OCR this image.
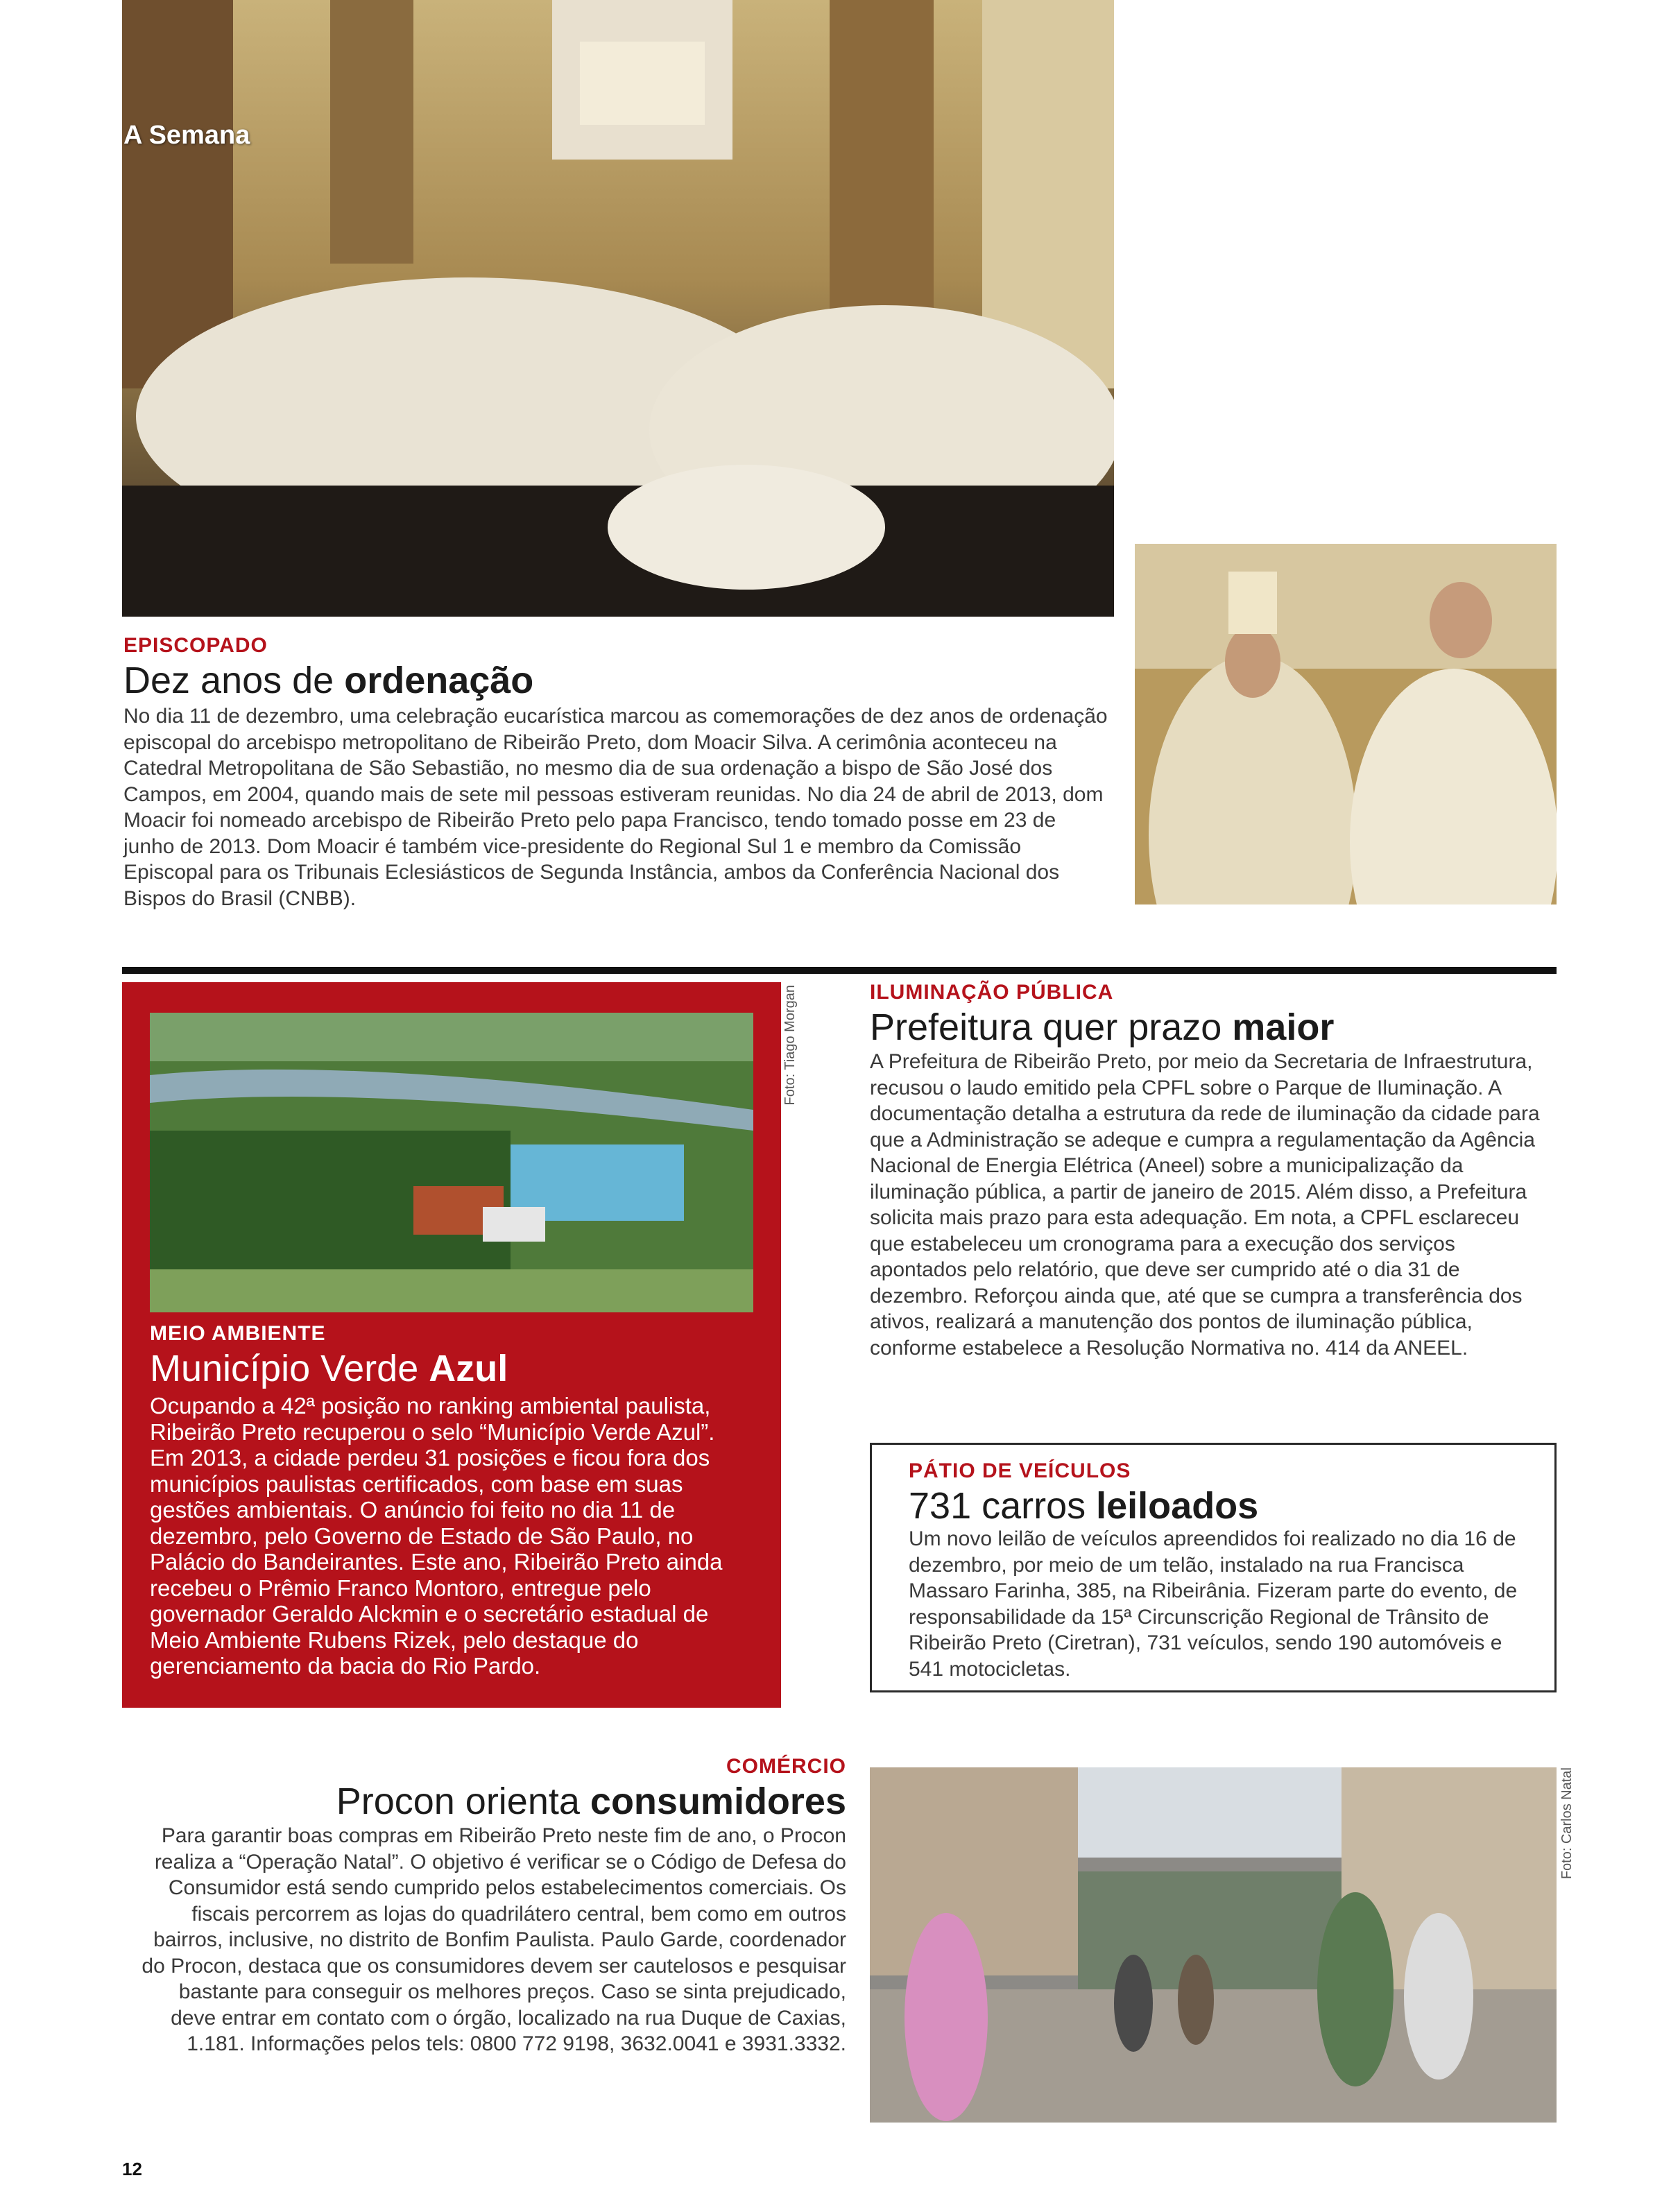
A Semana
EPISCOPADO
Dez anos de ordenação
No dia 11 de dezembro, uma celebração eucarística marcou as comemorações de dez anos de ordenação episcopal do arcebispo metropolitano de Ribeirão Preto, dom Moacir Silva. A cerimônia aconteceu na Catedral Metropolitana de São Sebastião, no mesmo dia de sua ordenação a bispo de São José dos Campos, em 2004, quando mais de sete mil pessoas estiveram reunidas. No dia 24 de abril de 2013, dom Moacir foi nomeado arcebispo de Ribeirão Preto pelo papa Francisco, tendo tomado posse em 23 de junho de 2013. Dom Moacir é também vice-presidente do Regional Sul 1 e membro da Comissão Episcopal para os Tribunais Eclesiásticos de Segunda Instância, ambos da Conferência Nacional dos Bispos do Brasil (CNBB).
Foto: Tiago Morgan
MEIO AMBIENTE
Município Verde Azul
Ocupando a 42ª posição no ranking ambiental paulista, Ribeirão Preto recuperou o selo “Município Verde Azul”. Em 2013, a cidade perdeu 31 posições e ficou fora dos municípios paulistas certificados, com base em suas gestões ambientais. O anúncio foi feito no dia 11 de dezembro, pelo Governo de Estado de São Paulo, no Palácio do Bandeirantes. Este ano, Ribeirão Preto ainda recebeu o Prêmio Franco Montoro, entregue pelo governador Geraldo Alckmin e o secretário estadual de Meio Ambiente Rubens Rizek, pelo destaque do gerenciamento da bacia do Rio Pardo.
ILUMINAÇÃO PÚBLICA
Prefeitura quer prazo maior
A Prefeitura de Ribeirão Preto, por meio da Secretaria de Infraestrutura, recusou o laudo emitido pela CPFL sobre o Parque de Iluminação. A documentação detalha a estrutura da rede de iluminação da cidade para que a Administração se adeque e cumpra a regulamentação da Agência Nacional de Energia Elétrica (Aneel) sobre a municipalização da iluminação pública, a partir de janeiro de 2015. Além disso, a Prefeitura solicita mais prazo para esta adequação. Em nota, a CPFL esclareceu que estabeleceu um cronograma para a execução dos serviços apontados pelo relatório, que deve ser cumprido até o dia 31 de dezembro. Reforçou ainda que, até que se cumpra a transferência dos ativos, realizará a manutenção dos pontos de iluminação pública, conforme estabelece a Resolução Normativa no. 414 da ANEEL.
PÁTIO DE VEÍCULOS
731 carros leiloados
Um novo leilão de veículos apreendidos foi realizado no dia 16 de dezembro, por meio de um telão, instalado na rua Francisca Massaro Farinha, 385, na Ribeirânia. Fizeram parte do evento, de responsabilidade da 15ª Circunscrição Regional de Trânsito de Ribeirão Preto (Ciretran), 731 veículos, sendo 190 automóveis e 541 motocicletas.
COMÉRCIO
Procon orienta consumidores
Para garantir boas compras em Ribeirão Preto neste fim de ano, o Procon realiza a “Operação Natal”. O objetivo é verificar se o Código de Defesa do Consumidor está sendo cumprido pelos estabelecimentos comerciais. Os fiscais percorrem as lojas do quadrilátero central, bem como em outros bairros, inclusive, no distrito de Bonfim Paulista. Paulo Garde, coordenador do Procon, destaca que os consumidores devem ser cautelosos e pesquisar bastante para conseguir os melhores preços. Caso se sinta prejudicado, deve entrar em contato com o órgão, localizado na rua Duque de Caxias, 1.181. Informações pelos tels: 0800 772 9198, 3632.0041 e 3931.3332.
Foto: Carlos Natal
12
